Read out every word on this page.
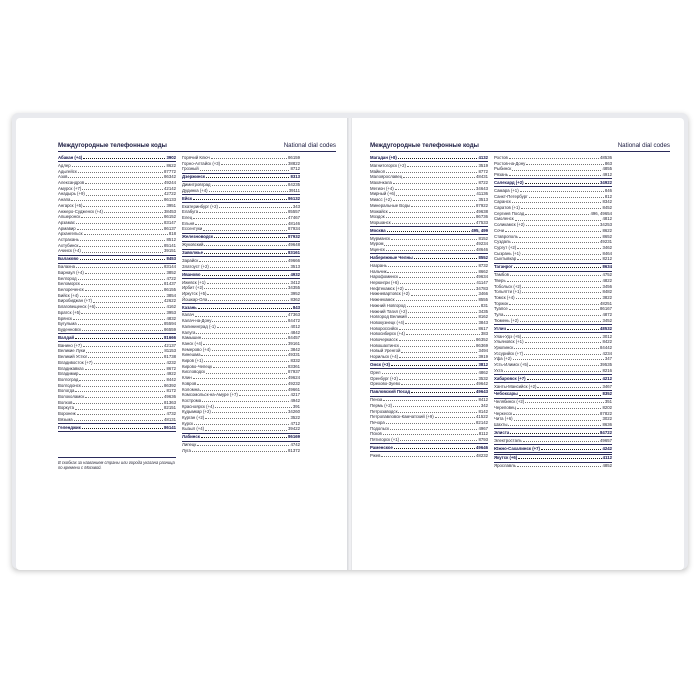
Междугородные телефонные коды	National dial codes
Абакан (+4)	3902
Адлер	8622
Адыгейск	87772
Азов	86342
Александров	49244
Амурск (+7)	42142
Анадырь (+9)	42722
Анапа	86133
Ангарск (+5)	3951
Анжеро-Судженск (+4)	38453
Апшеронск	86152
Арзамас	83147
Армавир	86137
Архангельск	818
Астрахань	8512
Ахтубинск	85141
Ачинск (+4)	39151
Балаково	8453
Балахна	83144
Барнаул (+4)	3852
Белгород	4722
Беломорск	81437
Белореченск	86155
Бийск (+4)	3854
Биробиджан (+7)	42622
Благовещенск (+6)	4162
Братск (+5)	3953
Брянск	4832
Бугульма	85594
Буденновск	86559
Валдай	81666
Ванино (+7)	42137
Великие Луки	81153
Великий Устюг	81738
Владивосток (+7)	4232
Владикавказ	8672
Владимир	4922
Волгоград	8442
Волгодонск	86392
Вологда	8172
Волоколамск	49636
Волхов	81363
Воркута	82151
Воронеж	4732
Вязьма	48131
Геленджик	86141
Горячий Ключ	86159
Горно-Алтайск (+3)	38822
Грозный	8712
Дзержинск	8313
Димитровград	84235
Дудинка (+4)	39111
Ейск	86132
Екатеринбург (+2)	343
Елабуга	85557
Елец	47467
Ельня	48146
Ессентуки	87934
Железноводск	87932
Жуковский	49648
Заволжье	83161
Зарайск	49666
Златоуст (+2)	3513
Иваново	4932
Ижевск (+1)	3412
Ирбит (+2)	34355
Иркутск (+5)	3952
Йошкар-Ола	8362
Казань	843
Калач	47363
Калач-на-Дону	84472
Калининград (-1)	4012
Калуга	4842
Камышин	84457
Канск (+4)	39161
Кемерово (+4)	3842
Кинешма	49331
Киров (+1)	8332
Кирово-Чепецк	83361
Кисловодск	87937
Клин	49624
Ковров	49232
Коломна	49661
Комсомольск-на-Амуре (+7)	4217
Кострома	4942
Красноярск (+4)	391
Кудымкар (+2)	34260
Курган (+2)	3522
Курск	4712
Кызыл (+4)	39422
Лабинск	86169
Липецк	4742
Луга	81372
В скобках за названием страны или города указана разница по времени с Москвой.
Междугородные телефонные коды	National dial codes
Магадан (+8)	4132
Магнитогорск (+2)	3519
Майкоп	8772
Малоярославец	48431
Махачкала	8722
Мегион (+4)	34643
Мирный (+6)	41136
Миасс (+2)	3513
Минеральные Воды	87922
Можайск	49638
Моздок	86736
Моршанск	47533
Москва	495, 499
Мурманск	8152
Муром	49234
Мценск	48646
Набережные Челны	8552
Назрань	8732
Нальчик	8662
Нарофоминск	49634
Нерюнгри (+6)	41147
Нефтекамск (+2)	34783
Нижневартовск (+2)	3466
Нижнекамск	8555
Нижний Новгород	831
Нижний Тагил (+2)	3435
Новгород Великий	8162
Новокузнецк (+4)	3843
Новороссийск	8617
Новосибирск (+4)	383
Новочеркасск	86352
Новошахтинск	86369
Новый Уренгой	3494
Норильск (+4)	3919
Омск (+3)	3812
Орел	4862
Оренбург (+2)	3532
Орехово-Зуево	49642
Павловский Посад	49643
Пенза	8412
Пермь (+2)	342
Петрозаводск	8142
Петропавловск-Камчатский (+9)	41522
Печора	82142
Подольск	4967
Псков	8112
Пятигорск (+1)	8793
Раменское	49646
Ржев	48232
Ростов	48536
Ростов-на-Дону	863
Рыбинск	4855
Рязань	4912
Салехард (+2)	34922
Самара (+1)	846
Санкт-Петербург	812
Саранск	8342
Саратов (+1)	8452
Сергиев Посад	496, 49654
Смоленск	4812
Соликамск (+2)	34253
Сочи	8622
Ставрополь	8652
Суздаль	49231
Сургут (+2)	3462
Сызрань (+1)	8464
Сыктывкар	8212
Таганрог	8634
Тамбов	4752
Тверь	4822
Тобольск (+2)	3456
Тольятти (+1)	8482
Томск (+4)	3822
Торжок	48251
Туапсе	86167
Тула	4872
Тюмень (+2)	3452
Углич	48532
Улан-Удэ (+5)	3012
Ульяновск (+1)	8422
Урюпинск	84442
Уссурийск (+7)	4234
Уфа (+2)	347
Усть-Илимск (+5)	39535
Ухта	8216
Хабаровск (+7)	4212
Ханты-Мансийск (+2)	3467
Чебоксары	8352
Челябинск (+2)	351
Череповец	8202
Черкесск	87822
Чита (+6)	3022
Шахты	8636
Элиста	84722
Электросталь	49657
Южно-Сахалинск (+7)	4242
Якутск (+6)	4112
Ярославль	4852
